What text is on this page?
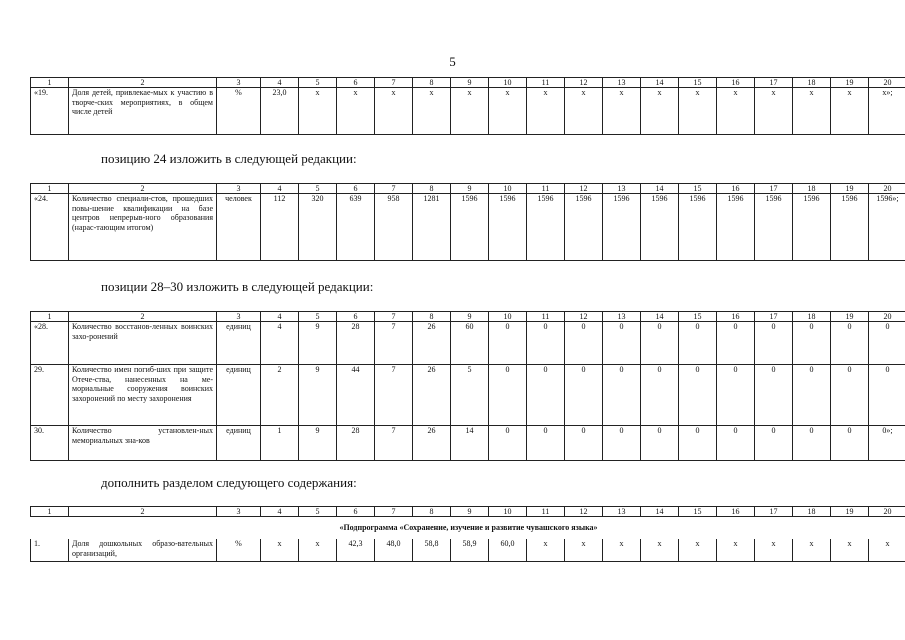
5
1	2	3	4	5	6	7	8	9	10	11	12	13	14	15	16	17	18	19	20
«19.	Доля детей, привлекае-мых к участию в творче-ских мероприятиях, в общем числе детей	%	23,0	x	x	x	x	x	x	x	x	x	x	x	x	x	x	x	x»;
позицию 24 изложить в следующей редакции:
1	2	3	4	5	6	7	8	9	10	11	12	13	14	15	16	17	18	19	20
«24.	Количество специали-стов, прошедших повы-шение квалификации на базе центров непрерыв-ного образования (нарас-тающим итогом)	человек	112	320	639	958	1281	1596	1596	1596	1596	1596	1596	1596	1596	1596	1596	1596	1596»;
позиции 28–30 изложить в следующей редакции:
1	2	3	4	5	6	7	8	9	10	11	12	13	14	15	16	17	18	19	20
«28.	Количество восстанов-ленных воинских захо-ронений	единиц	4	9	28	7	26	60	0	0	0	0	0	0	0	0	0	0	0
29.	Количество имен погиб-ших при защите Отече-ства, нанесенных на ме-мориальные сооружения воинских захоронений по месту захоронения	единиц	2	9	44	7	26	5	0	0	0	0	0	0	0	0	0	0	0
30.	Количество установлен-ных мемориальных зна-ков	единиц	1	9	28	7	26	14	0	0	0	0	0	0	0	0	0	0	0»;
дополнить разделом следующего содержания:
1	2	3	4	5	6	7	8	9	10	11	12	13	14	15	16	17	18	19	20
«Подпрограмма «Сохранение, изучение и развитие чувашского языка»																			
1.	Доля дошкольных образо-вательных организаций,	%	x	x	42,3	48,0	58,8	58,9	60,0	x	x	x	x	x	x	x	x	x	x
